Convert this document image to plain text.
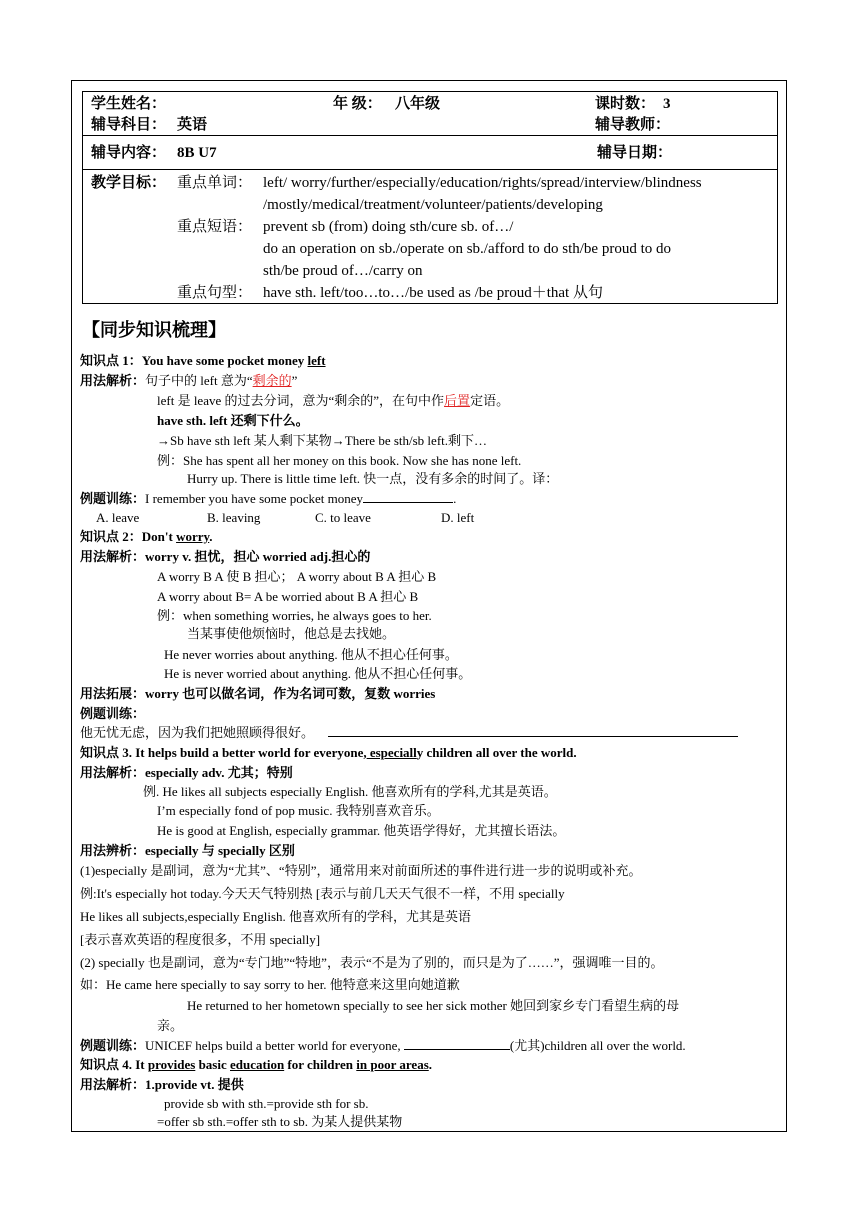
学生姓名：	年 级： 八年级	课时数： 3
辅导科目： 英语	辅导教师：
辅导内容： 8B U7	辅导日期：
教学目标： 重点单词： left/ worry/further/especially/education/rights/spread/interview/blindness
/mostly/medical/treatment/volunteer/patients/developing
重点短语： prevent sb (from) doing sth/cure sb. of…/
do an operation on sb./operate on sb./afford to do sth/be proud to do
sth/be proud of…/carry on
重点句型： have sth. left/too…to…/be used as /be proud＋that 从句
【同步知识梳理】
知识点 1：You have some pocket money left
用法解析：句子中的 left 意为“剩余的”
left 是 leave 的过去分词，意为“剩余的”，在句中作后置定语。
have sth. left 还剩下什么。
→Sb have sth left 某人剩下某物→There be sth/sb left.剩下…
例：She has spent all her money on this book. Now she has none left.
Hurry up. There is little time left. 快一点，没有多余的时间了。译：
例题训练：I remember you have some pocket money	.
A. leave	B. leaving	C. to leave	D. left
知识点 2：Don't worry.
用法解析：worry v. 担忧，担心 worried adj.担心的
A worry B A 使 B 担心； A worry about B A 担心 B
A worry about B= A be worried about B A 担心 B
例：when something worries, he always goes to her.
当某事使他烦恼时，他总是去找她。
He never worries about anything. 他从不担心任何事。
He is never worried about anything. 他从不担心任何事。
用法拓展：worry 也可以做名词，作为名词可数，复数 worries
例题训练：
他无忧无虑，因为我们把她照顾得很好。
知识点 3. It helps build a better world for everyone, especially children all over the world.
用法解析：especially adv. 尤其；特别
例. He likes all subjects especially English. 他喜欢所有的学科,尤其是英语。
I’m especially fond of pop music. 我特别喜欢音乐。
He is good at English, especially grammar. 他英语学得好，尤其擅长语法。
用法辨析：especially 与 specially 区别
(1)especially 是副词，意为“尤其”、“特别”，通常用来对前面所述的事件进行进一步的说明或补充。
例:It's especially hot today.今天天气特别热 [表示与前几天天气很不一样，不用 specially
He likes all subjects,especially English. 他喜欢所有的学科，尤其是英语
[表示喜欢英语的程度很多，不用 specially]
(2) specially 也是副词，意为“专门地”“特地”，表示“不是为了别的，而只是为了……”，强调唯一目的。
如：He came here specially to say sorry to her. 他特意来这里向她道歉
He returned to her hometown specially to see her sick mother 她回到家乡专门看望生病的母
亲。
例题训练：UNICEF helps build a better world for everyone,	(尤其)children all over the world.
知识点 4. It provides basic education for children in poor areas.
用法解析：1.provide vt. 提供
provide sb with sth.=provide sth for sb.
=offer sb sth.=offer sth to sb. 为某人提供某物
